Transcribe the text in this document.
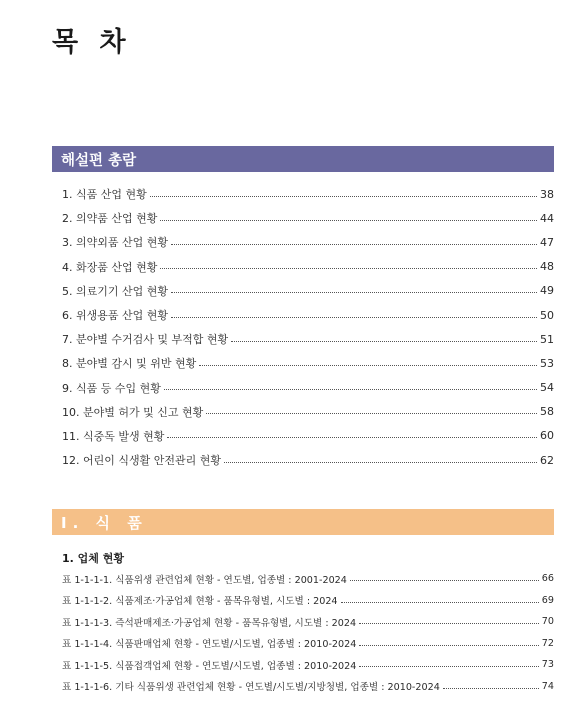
목 차
해설편 총람
1. 식품 산업 현황	38
2. 의약품 산업 현황	44
3. 의약외품 산업 현황	47
4. 화장품 산업 현황	48
5. 의료기기 산업 현황	49
6. 위생용품 산업 현황	50
7. 분야별 수거검사 및 부적합 현황	51
8. 분야별 감시 및 위반 현황	53
9. 식품 등 수입 현황	54
10. 분야별 허가 및 신고 현황	58
11. 식중독 발생 현황	60
12. 어린이 식생활 안전관리 현황	62
Ⅰ. 식 품
1. 업체 현황
표 1-1-1-1. 식품위생 관련업체 현황 - 연도별, 업종별 : 2001-2024	66
표 1-1-1-2. 식품제조·가공업체 현황 - 품목유형별, 시도별 : 2024	69
표 1-1-1-3. 즉석판매제조·가공업체 현황 - 품목유형별, 시도별 : 2024	70
표 1-1-1-4. 식품판매업체 현황 - 연도별/시도별, 업종별 : 2010-2024	72
표 1-1-1-5. 식품접객업체 현황 - 연도별/시도별, 업종별 : 2010-2024	73
표 1-1-1-6. 기타 식품위생 관련업체 현황 - 연도별/시도별/지방청별, 업종별 : 2010-2024	74
